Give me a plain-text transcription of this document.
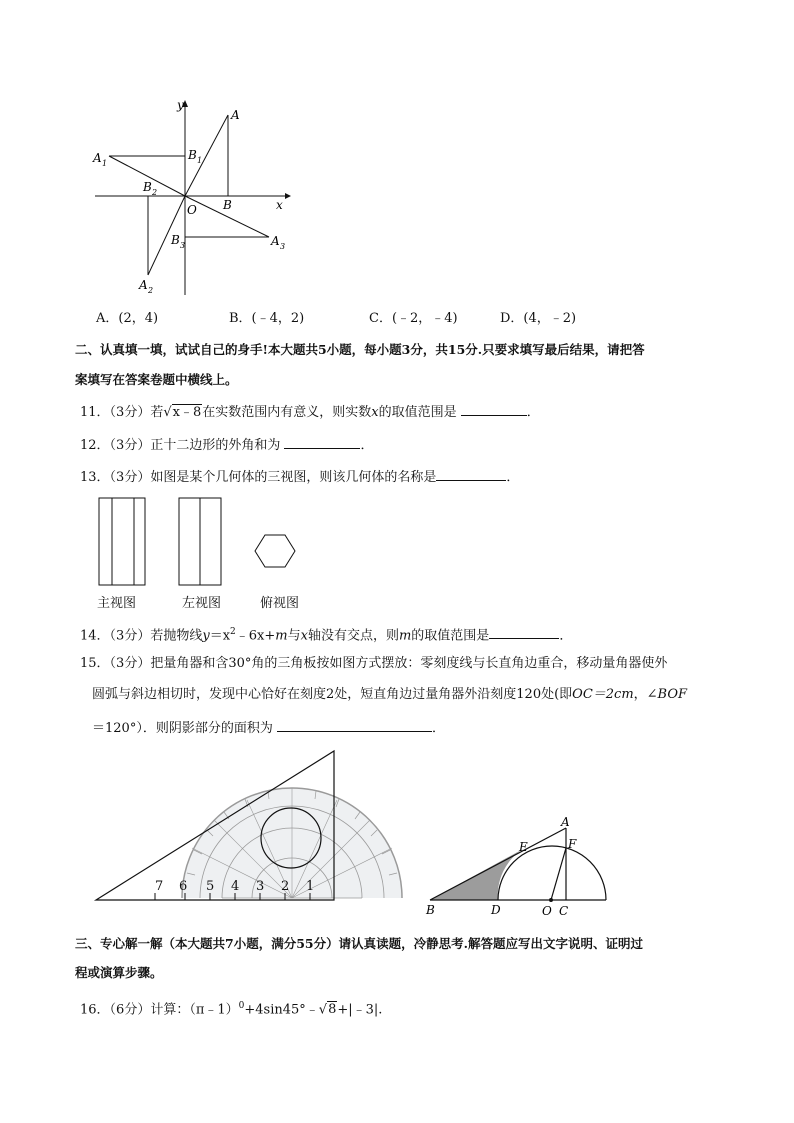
y
x
O
A
B
A 1
B 1
B 2
B 3	A 3
A 2
A．(2，4)	B．(﹣4，2)	C．(﹣2，﹣4)	D．(4，﹣2)
二、认真填一填，试试自己的身手!本大题共5小题，每小题3分，共15分.只要求填写最后结果，请把答
案填写在答案卷题中横线上。
11．（3分）若√x﹣8在实数范围内有意义，则实数x的取值范围是	．
12．（3分）正十二边形的外角和为	．
13．（3分）如图是某个几何体的三视图，则该几何体的名称是	．
主视图	左视图	俯视图
14．（3分）若抛物线$y=x^2﹣6x+m$与x轴没有交点，则m的取值范围是	．
15．（3分）把量角器和含30°角的三角板按如图方式摆放：零刻度线与长直角边重合，移动量角器使外
圆弧与斜边相切时，发现中心恰好在刻度2处，短直角边过量角器外沿刻度120处(即OC＝2cm，∠BOF
＝120°）．则阴影部分的面积为	．
7 6 5 4 3 2 1
B	D	O C
E	F
A
三、专心解一解（本大题共7小题，满分55分）请认真读题，冷静思考.解答题应写出文字说明、证明过
程或演算步骤。
16．（6分）计算：（π﹣1）$^0$+4sin45°﹣√8+|﹣3|.
